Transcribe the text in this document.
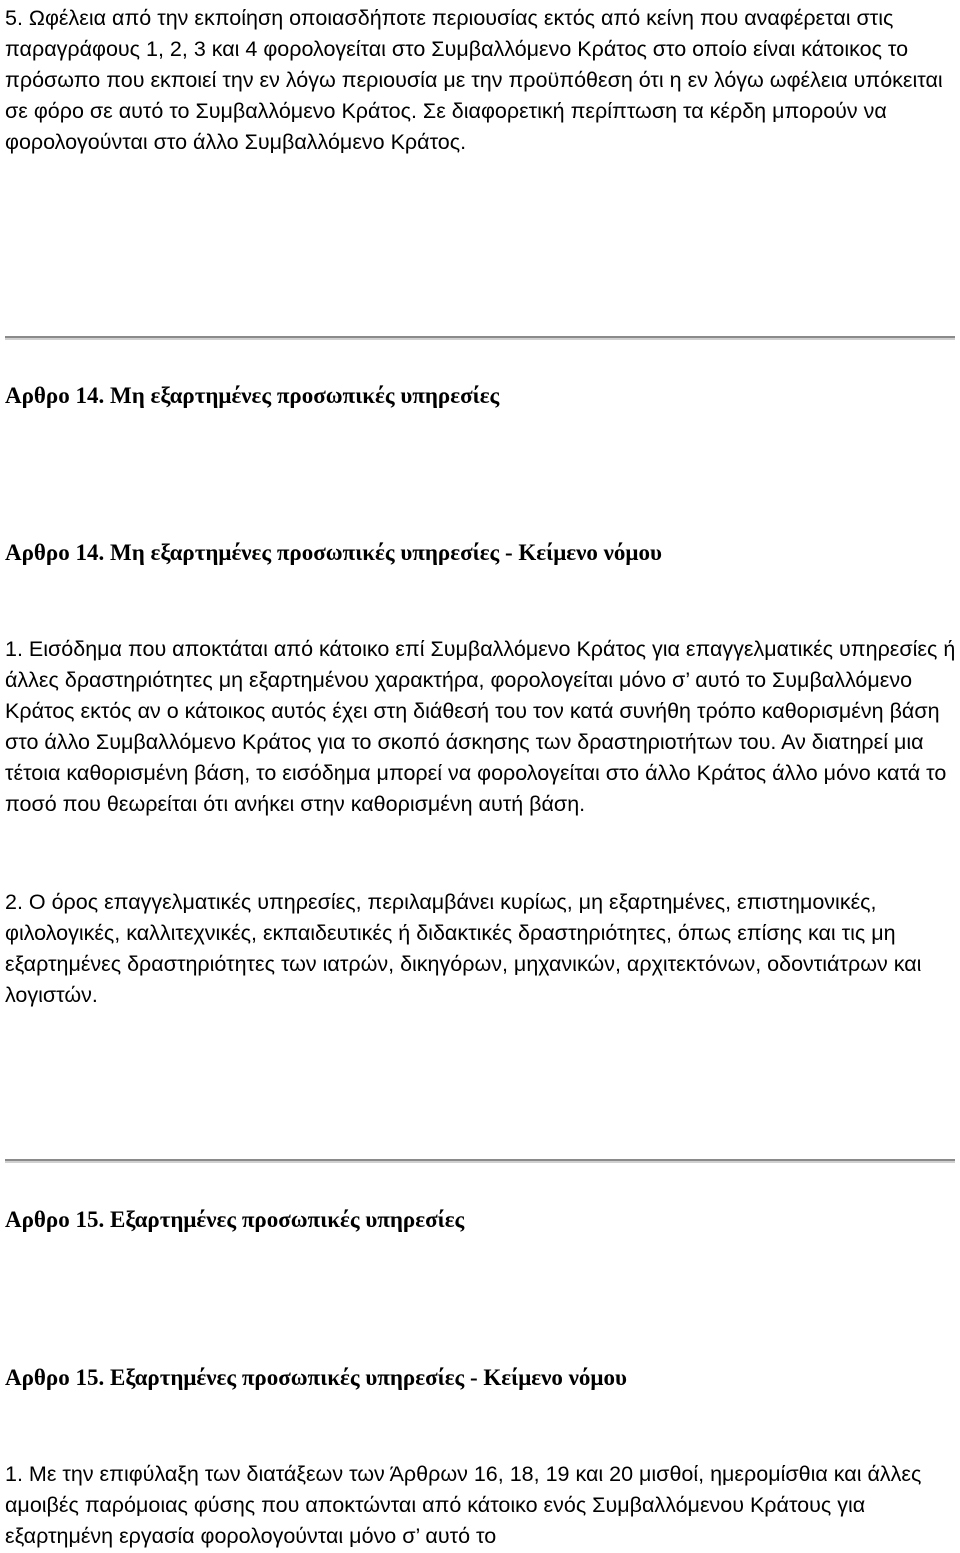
5. Ωφέλεια από την εκποίηση οποιασδήποτε περιουσίας εκτός από κείνη που αναφέρεται στις παραγράφους 1, 2, 3 και 4 φορολογείται στο Συμβαλλόμενο Κράτος στο οποίο είναι κάτοικος το πρόσωπο που εκποιεί την εν λόγω περιουσία με την προϋπόθεση ότι η εν λόγω ωφέλεια υπόκειται σε φόρο σε αυτό το Συμβαλλόμενο Κράτος. Σε διαφορετική περίπτωση τα κέρδη μπορούν να φορολογούνται στο άλλο Συμβαλλόμενο Κράτος.

Αρθρο 14. Μη εξαρτημένες προσωπικές υπηρεσίες
Αρθρο 14. Μη εξαρτημένες προσωπικές υπηρεσίες - Κείμενο νόμου

1. Εισόδημα που αποκτάται από κάτοικο επί Συμβαλλόμενο Κράτος για επαγγελματικές υπηρεσίες ή άλλες δραστηριότητες μη εξαρτημένου χαρακτήρα, φορολογείται μόνο σ’ αυτό το Συμβαλλόμενο Κράτος εκτός αν ο κάτοικος αυτός έχει στη διάθεσή του τον κατά συνήθη τρόπο καθορισμένη βάση στο άλλο Συμβαλλόμενο Κράτος για το σκοπό άσκησης των δραστηριοτήτων του. Αν διατηρεί μια τέτοια καθορισμένη βάση, το εισόδημα μπορεί να φορολογείται στο άλλο Κράτος άλλο μόνο κατά το ποσό που θεωρείται ότι ανήκει στην καθορισμένη αυτή βάση.

2. Ο όρος επαγγελματικές υπηρεσίες, περιλαμβάνει κυρίως, μη εξαρτημένες, επιστημονικές, φιλολογικές, καλλιτεχνικές, εκπαιδευτικές ή διδακτικές δραστηριότητες, όπως επίσης και τις μη εξαρτημένες δραστηριότητες των ιατρών, δικηγόρων, μηχανικών, αρχιτεκτόνων, οδοντιάτρων και λογιστών.

Αρθρο 15. Εξαρτημένες προσωπικές υπηρεσίες
Αρθρο 15. Εξαρτημένες προσωπικές υπηρεσίες - Κείμενο νόμου

1. Με την επιφύλαξη των διατάξεων των Άρθρων 16, 18, 19 και 20 μισθοί, ημερομίσθια και άλλες αμοιβές παρόμοιας φύσης που αποκτώνται από κάτοικο ενός Συμβαλλόμενου Κράτους για εξαρτημένη εργασία φορολογούνται μόνο σ’ αυτό το
